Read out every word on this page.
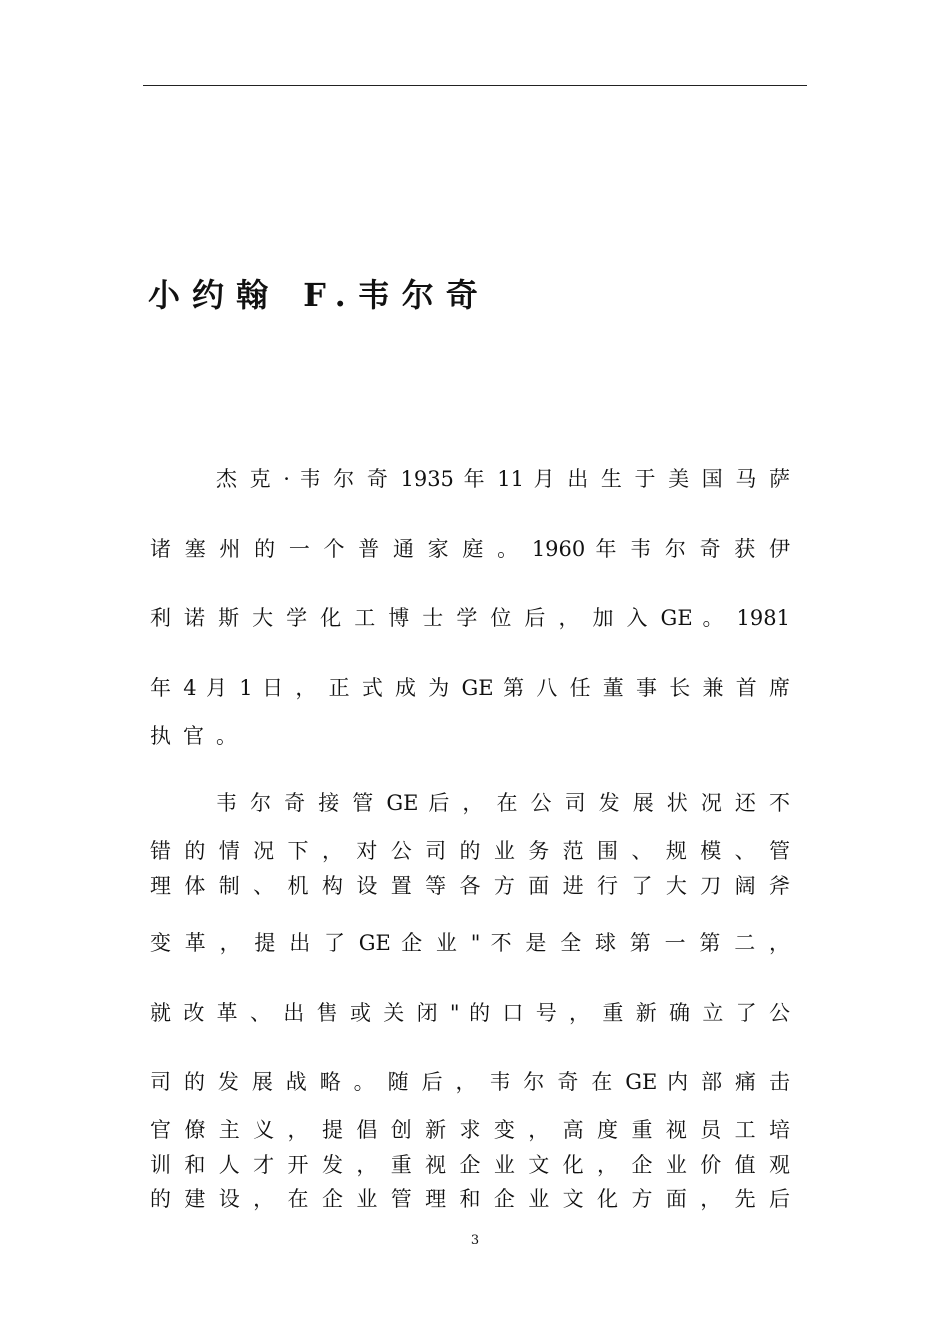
小约翰 F.韦尔奇
杰 克 · 韦 尔 奇 1935 年 11 月 出 生 于 美 国 马 萨
诸 塞 州 的 一 个 普 通 家 庭 。 1960 年 韦 尔 奇 获 伊
利 诺 斯 大 学 化 工 博 士 学 位 后 ， 加 入 GE 。 1981
年 4 月 1 日 ， 正 式 成 为 GE 第 八 任 董 事 长 兼 首 席
执官。
韦 尔 奇 接 管 GE 后 ， 在 公 司 发 展 状 况 还 不
错 的 情 况 下 ， 对 公 司 的 业 务 范 围 、 规 模 、 管
理 体 制 、 机 构 设 置 等 各 方 面 进 行 了 大 刀 阔 斧
变 革 ， 提 出 了 GE 企 业 " 不 是 全 球 第 一 第 二 ，
就 改 革 、 出 售 或 关 闭 " 的 口 号 ， 重 新 确 立 了 公
司 的 发 展 战 略 。 随 后 ， 韦 尔 奇 在 GE 内 部 痛 击
官 僚 主 义 ， 提 倡 创 新 求 变 ， 高 度 重 视 员 工 培
训 和 人 才 开 发 ， 重 视 企 业 文 化 ， 企 业 价 值 观
的 建 设 ， 在 企 业 管 理 和 企 业 文 化 方 面 ， 先 后
3
